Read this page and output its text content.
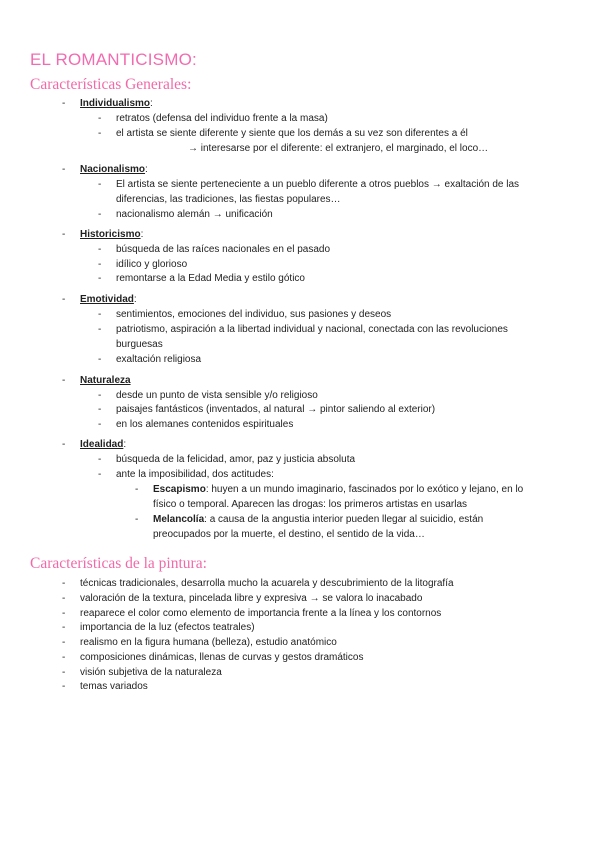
EL ROMANTICISMO:
Características Generales:
- Individualismo:
- retratos (defensa del individuo frente a la masa)
- el artista se siente diferente y siente que los demás a su vez son diferentes a él
→ interesarse por el diferente: el extranjero, el marginado, el loco…
- Nacionalismo:
- El artista se siente perteneciente a un pueblo diferente a otros pueblos → exaltación de las
diferencias, las tradiciones, las fiestas populares…
- nacionalismo alemán → unificación
- Historicismo:
- búsqueda de las raíces nacionales en el pasado
- idílico y glorioso
- remontarse a la Edad Media y estilo gótico
- Emotividad:
- sentimientos, emociones del individuo, sus pasiones y deseos
- patriotismo, aspiración a la libertad individual y nacional, conectada con las revoluciones
burguesas
- exaltación religiosa
- Naturaleza
- desde un punto de vista sensible y/o religioso
- paisajes fantásticos (inventados, al natural → pintor saliendo al exterior)
- en los alemanes contenidos espirituales
- Idealidad:
- búsqueda de la felicidad, amor, paz y justicia absoluta
- ante la imposibilidad, dos actitudes:
- Escapismo: huyen a un mundo imaginario, fascinados por lo exótico y lejano, en lo
físico o temporal. Aparecen las drogas: los primeros artistas en usarlas
- Melancolía: a causa de la angustia interior pueden llegar al suicidio, están
preocupados por la muerte, el destino, el sentido de la vida…
Características de la pintura:
- técnicas tradicionales, desarrolla mucho la acuarela y descubrimiento de la litografía
- valoración de la textura, pincelada libre y expresiva → se valora lo inacabado
- reaparece el color como elemento de importancia frente a la línea y los contornos
- importancia de la luz (efectos teatrales)
- realismo en la figura humana (belleza), estudio anatómico
- composiciones dinámicas, llenas de curvas y gestos dramáticos
- visión subjetiva de la naturaleza
- temas variados
